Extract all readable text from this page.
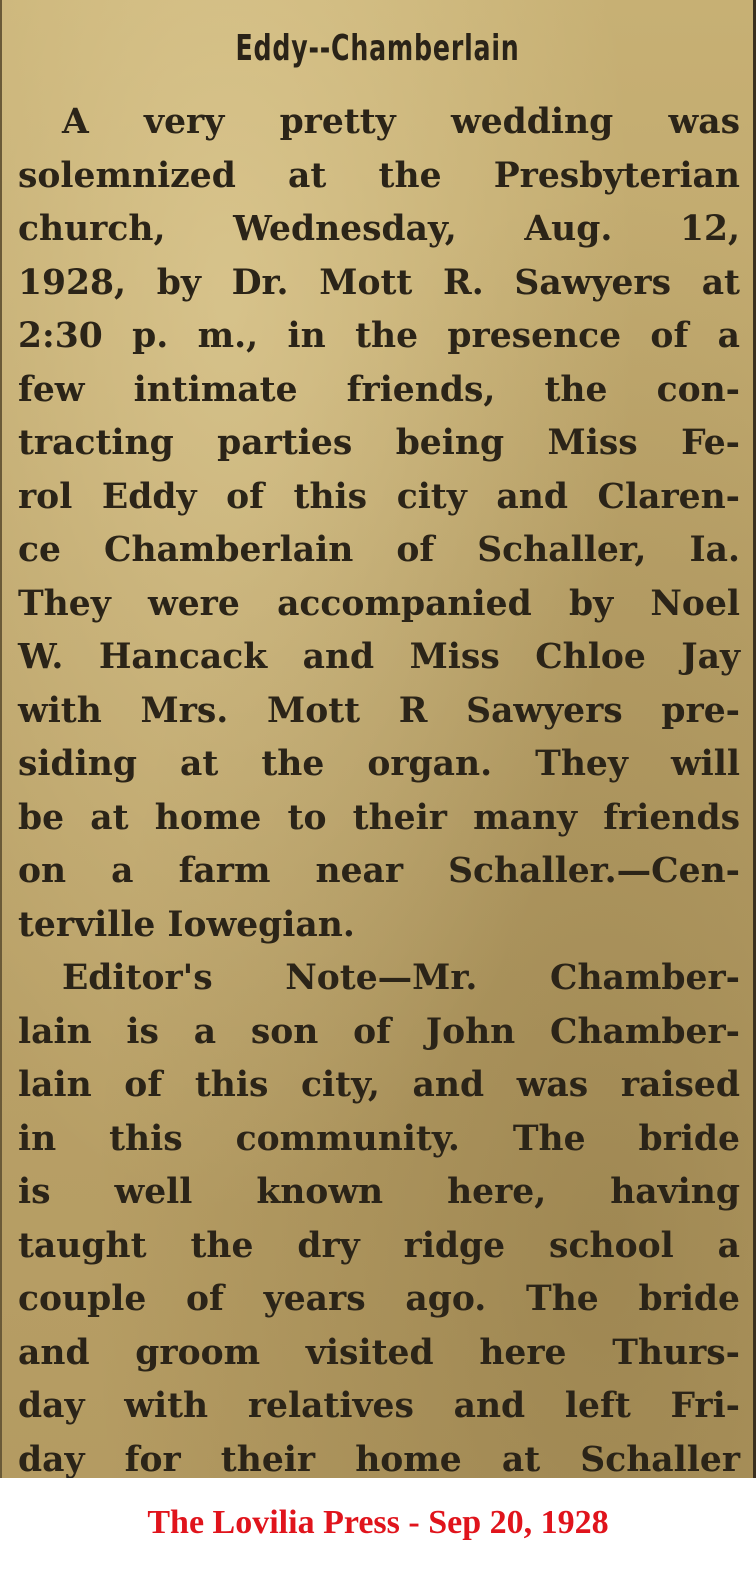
Eddy--Chamberlain
A very pretty wedding was
solemnized at the Presbyterian
church, Wednesday, Aug. 12,
1928, by Dr. Mott R. Sawyers at
2:30 p. m., in the presence of a
few intimate friends, the con-
tracting parties being Miss Fe-
rol Eddy of this city and Claren-
ce Chamberlain of Schaller, Ia.
They were accompanied by Noel
W. Hancack and Miss Chloe Jay
with Mrs. Mott R Sawyers pre-
siding at the organ. They will
be at home to their many friends
on a farm near Schaller.—Cen-
terville Iowegian.
Editor's Note—Mr. Chamber-
lain is a son of John Chamber-
lain of this city, and was raised
in this community. The bride
is well known here, having
taught the dry ridge school a
couple of years ago. The bride
and groom visited here Thurs-
day with relatives and left Fri-
day for their home at Schaller
The Lovilia Press - Sep 20, 1928
